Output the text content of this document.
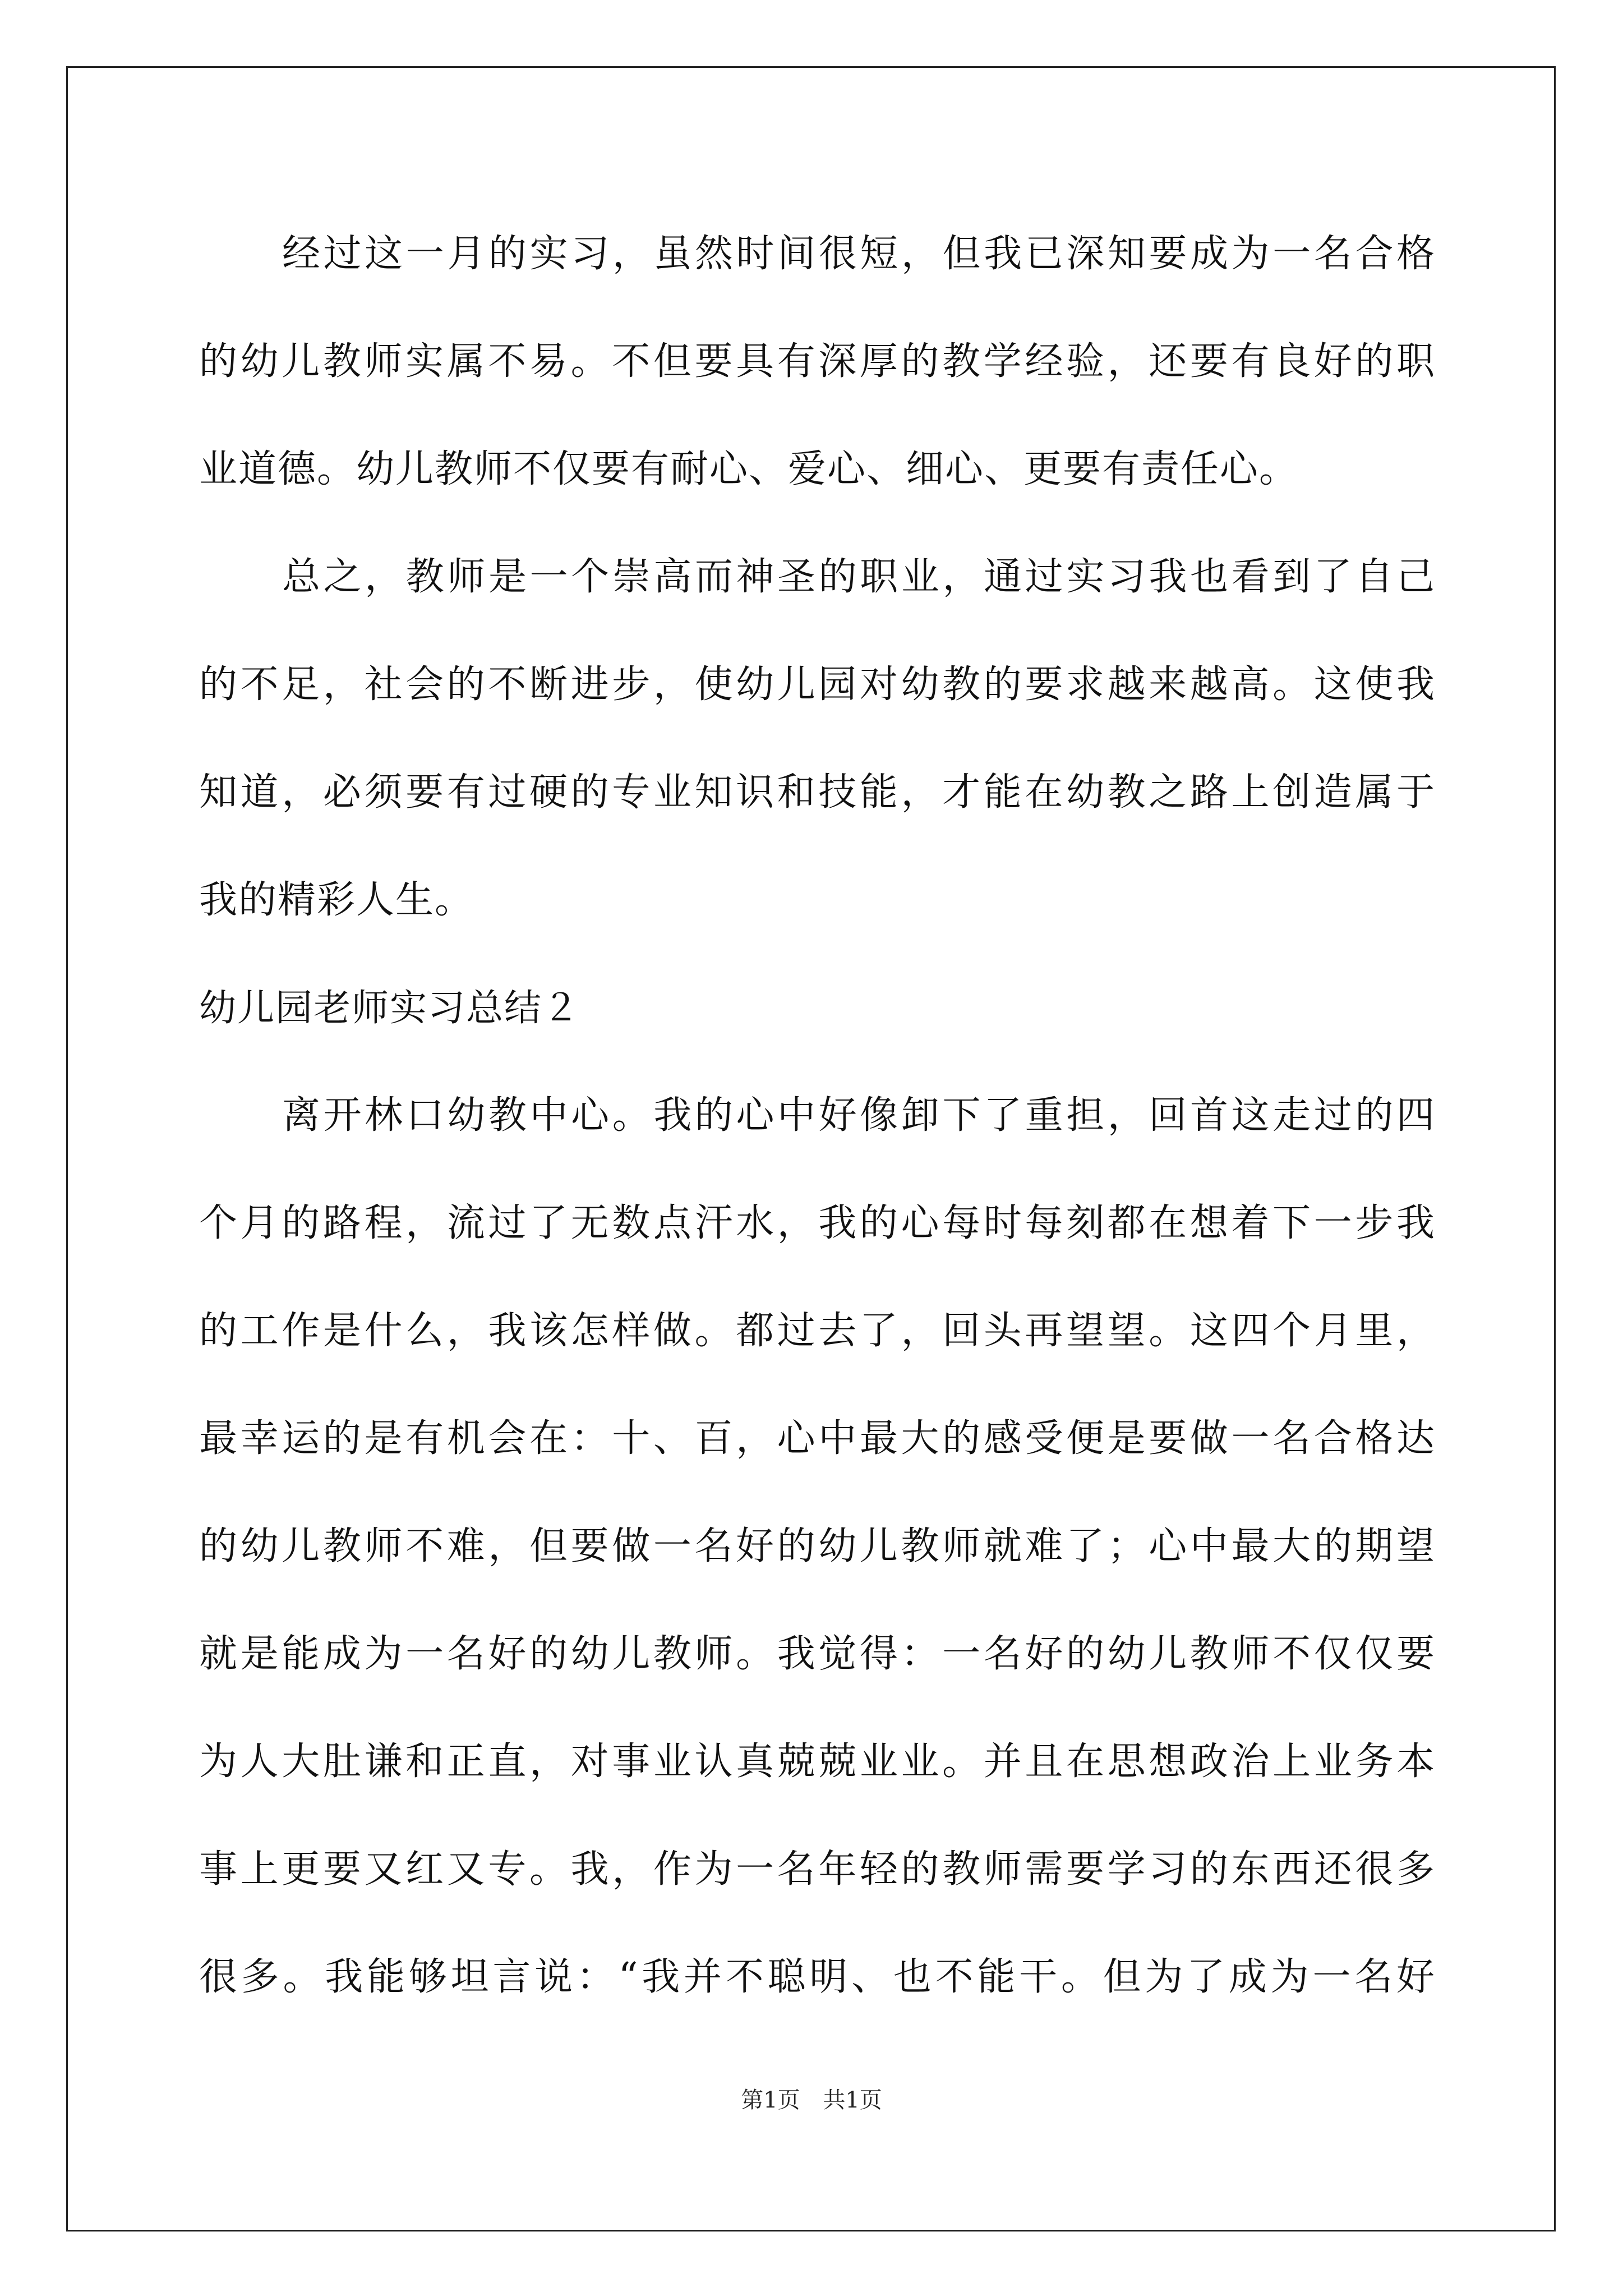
经过这一月的实习，虽然时间很短，但我已深知要成为一名合格
的幼儿教师实属不易。不但要具有深厚的教学经验，还要有良好的职
业道德。幼儿教师不仅要有耐心、爱心、细心、更要有责任心。
总之，教师是一个崇高而神圣的职业，通过实习我也看到了自己
的不足，社会的不断进步，使幼儿园对幼教的要求越来越高。这使我
知道，必须要有过硬的专业知识和技能，才能在幼教之路上创造属于
我的精彩人生。
幼儿园老师实习总结２
离开林口幼教中心。我的心中好像卸下了重担，回首这走过的四
个月的路程，流过了无数点汗水，我的心每时每刻都在想着下一步我
的工作是什么，我该怎样做。都过去了，回头再望望。这四个月里，
最幸运的是有机会在：十、百，心中最大的感受便是要做一名合格达
的幼儿教师不难，但要做一名好的幼儿教师就难了；心中最大的期望
就是能成为一名好的幼儿教师。我觉得：一名好的幼儿教师不仅仅要
为人大肚谦和正直，对事业认真兢兢业业。并且在思想政治上业务本
事上更要又红又专。我，作为一名年轻的教师需要学习的东西还很多
很多。我能够坦言说：“我并不聪明、也不能干。但为了成为一名好
第1页 共1页
